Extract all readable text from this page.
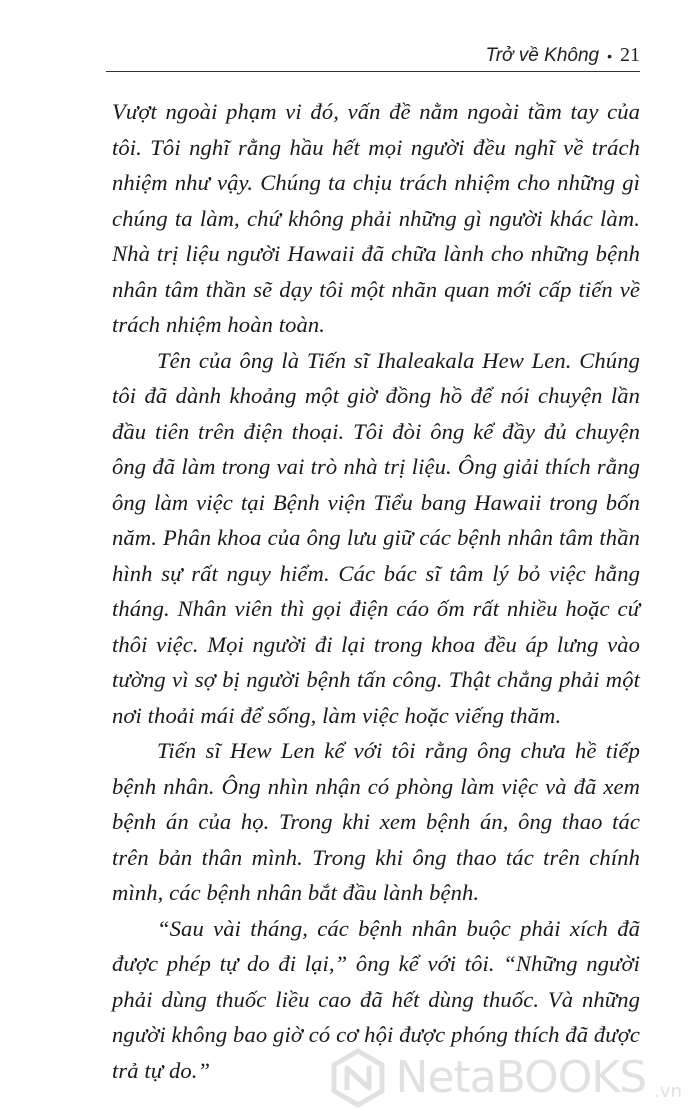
Trở về Không • 21

Vượt ngoài phạm vi đó, vấn đề nằm ngoài tầm tay của tôi. Tôi nghĩ rằng hầu hết mọi người đều nghĩ về trách nhiệm như vậy. Chúng ta chịu trách nhiệm cho những gì chúng ta làm, chứ không phải những gì người khác làm. Nhà trị liệu người Hawaii đã chữa lành cho những bệnh nhân tâm thần sẽ dạy tôi một nhãn quan mới cấp tiến về trách nhiệm hoàn toàn.

Tên của ông là Tiến sĩ Ihaleakala Hew Len. Chúng tôi đã dành khoảng một giờ đồng hồ để nói chuyện lần đầu tiên trên điện thoại. Tôi đòi ông kể đầy đủ chuyện ông đã làm trong vai trò nhà trị liệu. Ông giải thích rằng ông làm việc tại Bệnh viện Tiểu bang Hawaii trong bốn năm. Phân khoa của ông lưu giữ các bệnh nhân tâm thần hình sự rất nguy hiểm. Các bác sĩ tâm lý bỏ việc hằng tháng. Nhân viên thì gọi điện cáo ốm rất nhiều hoặc cứ thôi việc. Mọi người đi lại trong khoa đều áp lưng vào tường vì sợ bị người bệnh tấn công. Thật chẳng phải một nơi thoải mái để sống, làm việc hoặc viếng thăm.

Tiến sĩ Hew Len kể với tôi rằng ông chưa hề tiếp bệnh nhân. Ông nhìn nhận có phòng làm việc và đã xem bệnh án của họ. Trong khi xem bệnh án, ông thao tác trên bản thân mình. Trong khi ông thao tác trên chính mình, các bệnh nhân bắt đầu lành bệnh.

“Sau vài tháng, các bệnh nhân buộc phải xích đã được phép tự do đi lại,” ông kể với tôi. “Những người phải dùng thuốc liều cao đã hết dùng thuốc. Và những người không bao giờ có cơ hội được phóng thích đã được trả tự do.”	NetaBOOKS .vn
